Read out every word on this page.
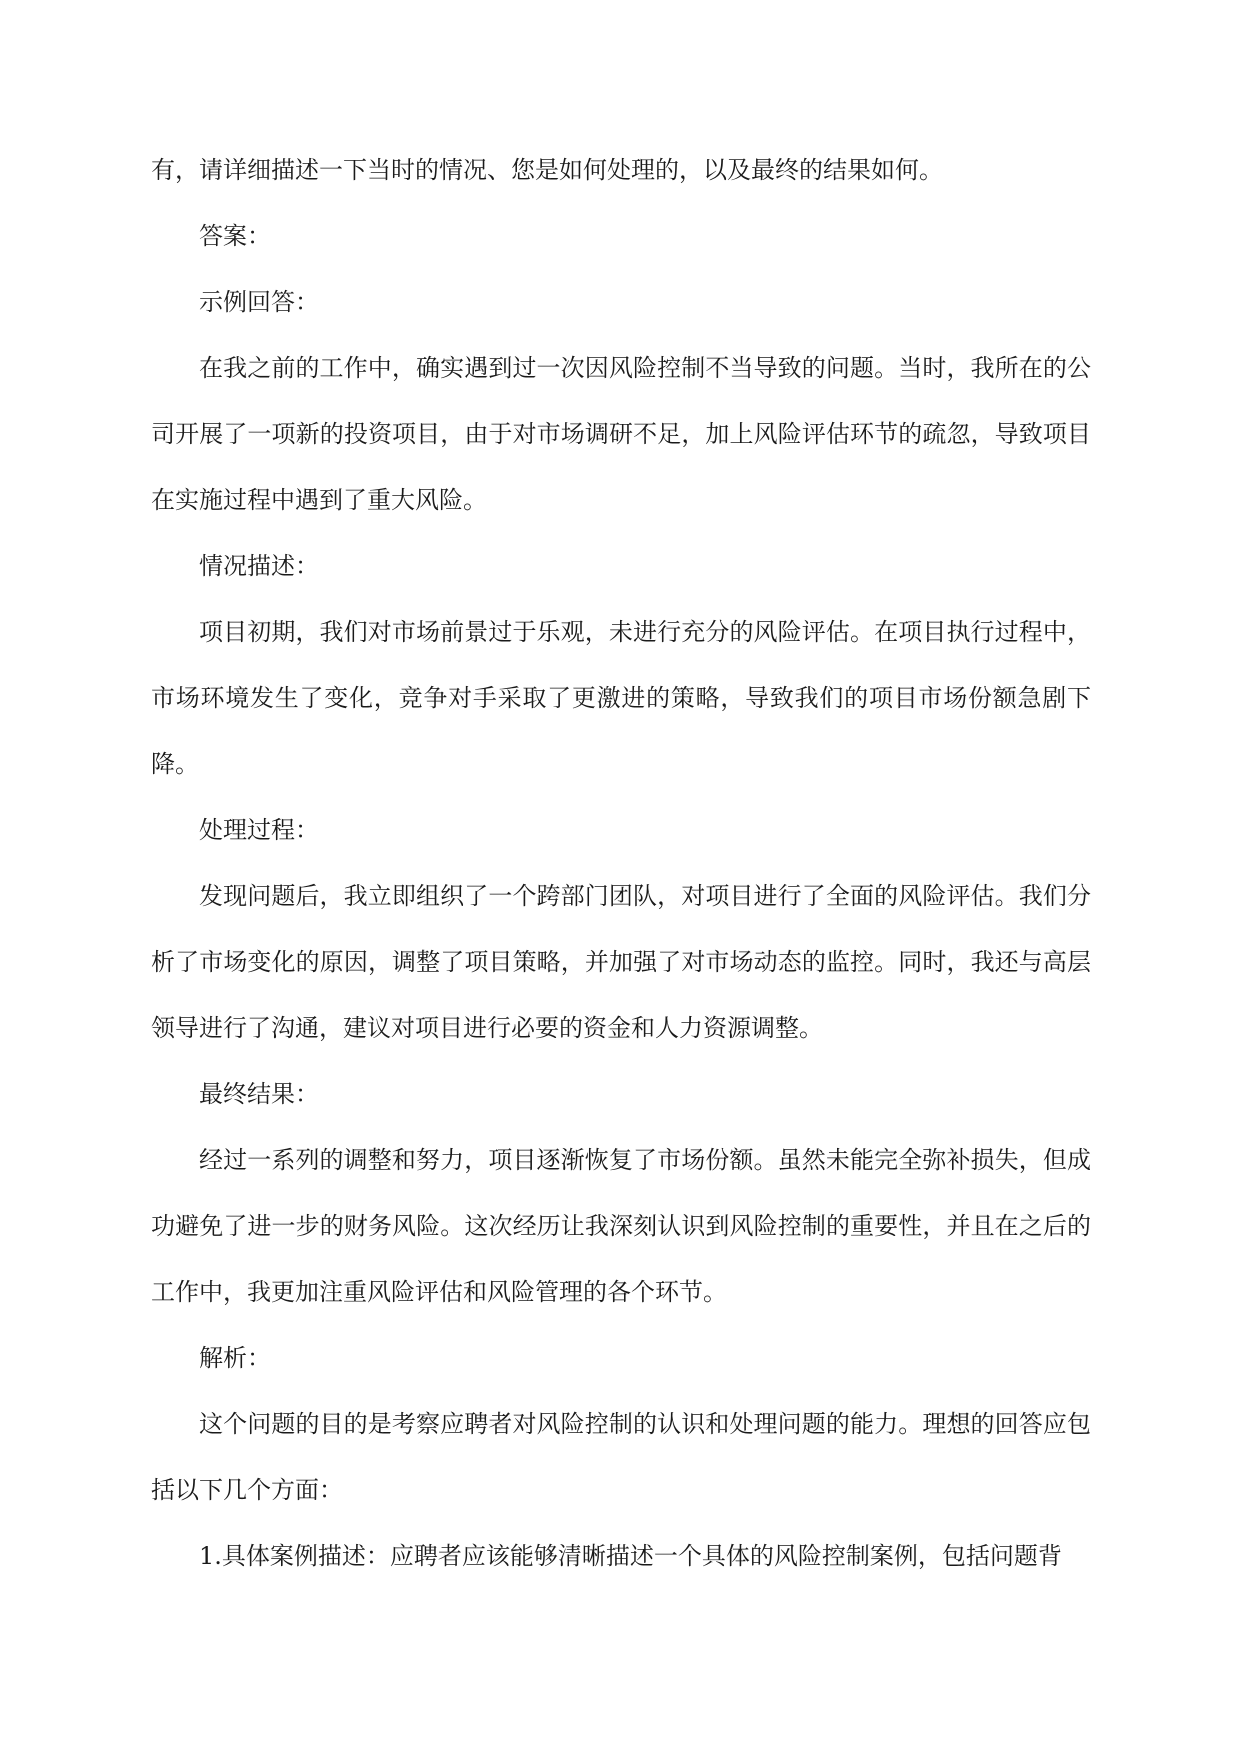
有，请详细描述一下当时的情况、您是如何处理的，以及最终的结果如何。

答案：

示例回答：

在我之前的工作中，确实遇到过一次因风险控制不当导致的问题。当时，我所在的公司开展了一项新的投资项目，由于对市场调研不足，加上风险评估环节的疏忽，导致项目在实施过程中遇到了重大风险。

情况描述：

项目初期，我们对市场前景过于乐观，未进行充分的风险评估。在项目执行过程中，市场环境发生了变化，竞争对手采取了更激进的策略，导致我们的项目市场份额急剧下降。

处理过程：

发现问题后，我立即组织了一个跨部门团队，对项目进行了全面的风险评估。我们分析了市场变化的原因，调整了项目策略，并加强了对市场动态的监控。同时，我还与高层领导进行了沟通，建议对项目进行必要的资金和人力资源调整。

最终结果：

经过一系列的调整和努力，项目逐渐恢复了市场份额。虽然未能完全弥补损失，但成功避免了进一步的财务风险。这次经历让我深刻认识到风险控制的重要性，并且在之后的工作中，我更加注重风险评估和风险管理的各个环节。

解析：

这个问题的目的是考察应聘者对风险控制的认识和处理问题的能力。理想的回答应包括以下几个方面：

1.具体案例描述：应聘者应该能够清晰描述一个具体的风险控制案例，包括问题背
